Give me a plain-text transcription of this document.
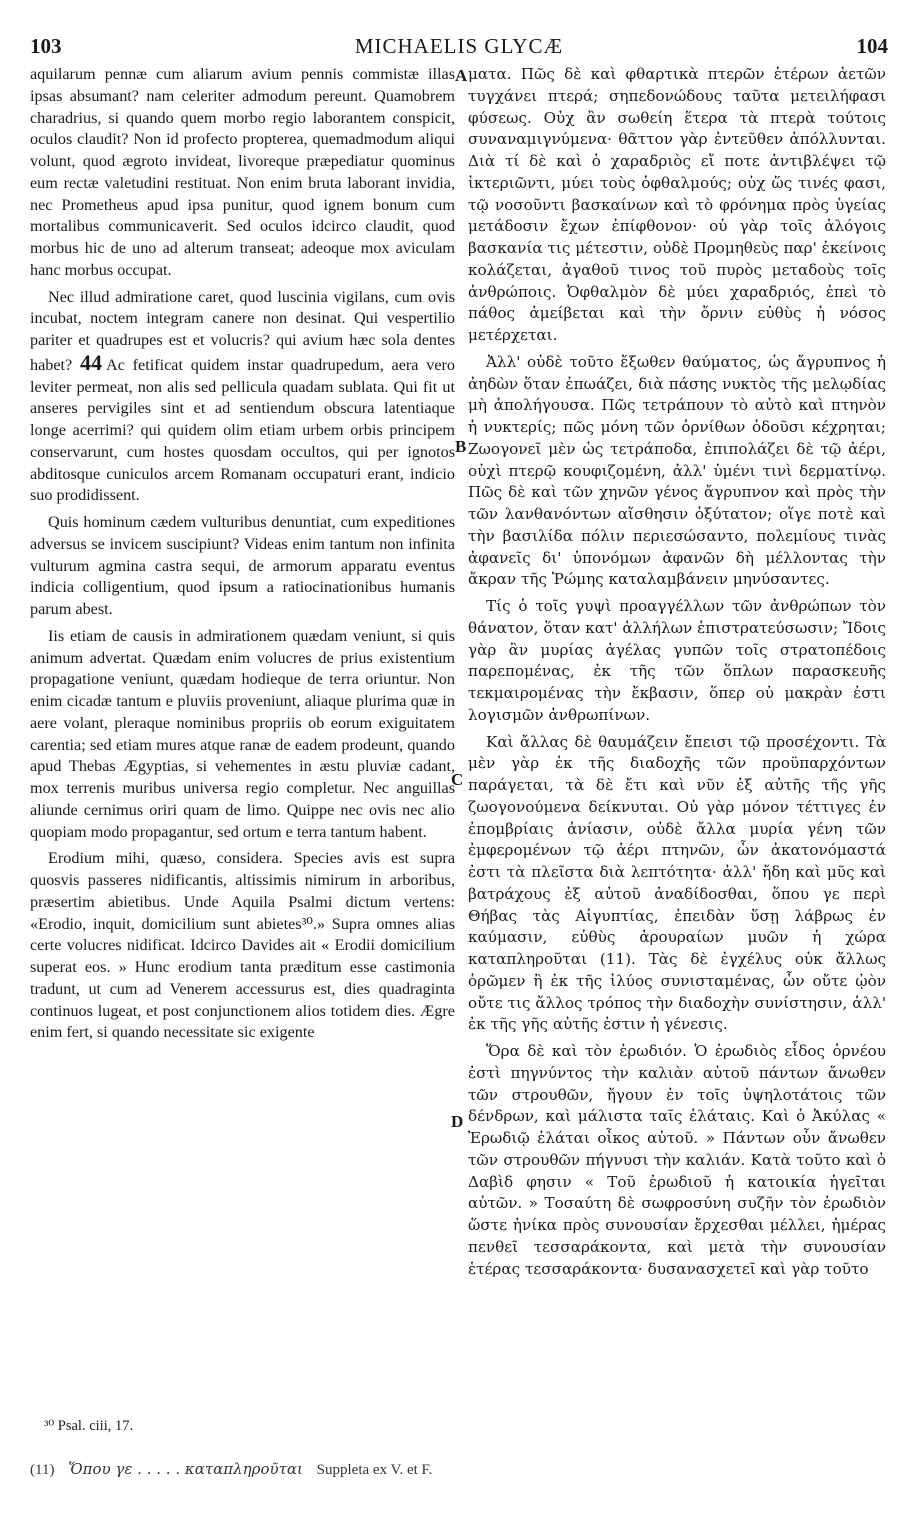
103	MICHAELIS GLYCÆ	104

aquilarum pennæ cum aliarum avium pennis commistæ illas ipsas absumant? nam celeriter admodum pereunt. Quamobrem charadrius, si quando quem morbo regio laborantem conspicit, oculos claudit? Non id profecto propterea, quemadmodum aliqui volunt, quod ægroto invideat, livoreque præpediatur quominus eum rectæ valetudini restituat. Non enim bruta laborant invidia, nec Prometheus apud ipsa punitur, quod ignem bonum cum mortalibus communicaverit. Sed oculos idcirco claudit, quod morbus hic de uno ad alterum transeat; adeoque mox aviculam hanc morbus occupat.

Nec illud admiratione caret, quod luscinia vigilans, cum ovis incubat, noctem integram canere non desinat. Qui vespertilio pariter et quadrupes est et volucris? qui avium hæc sola dentes habet? 44 Ac fetificat quidem instar quadrupedum, aera vero leviter permeat, non alis sed pellicula quadam sublata. Qui fit ut anseres pervigiles sint et ad sentiendum obscura latentiaque longe acerrimi? qui quidem olim etiam urbem orbis principem conservarunt, cum hostes quosdam occultos, qui per ignotos abditosque cuniculos arcem Romanam occupaturi erant, indicio suo prodidissent.

Quis hominum cædem vulturibus denuntiat, cum expeditiones adversus se invicem suscipiunt? Videas enim tantum non infinita vulturum agmina castra sequi, de armorum apparatu eventus indicia colligentium, quod ipsum a ratiocinationibus humanis parum abest.

Iis etiam de causis in admirationem quædam veniunt, si quis animum advertat. Quædam enim volucres de prius existentium propagatione veniunt, quædam hodieque de terra oriuntur. Non enim cicadæ tantum e pluviis proveniunt, aliaque plurima quæ in aere volant, pleraque nominibus propriis ob eorum exiguitatem carentia; sed etiam mures atque ranæ de eadem prodeunt, quando apud Thebas Ægyptias, si vehementes in æstu pluviæ cadant, mox terrenis muribus universa regio completur. Nec anguillas aliunde cernimus oriri quam de limo. Quippe nec ovis nec alio quopiam modo propagantur, sed ortum e terra tantum habent.

Erodium mihi, quæso, considera. Species avis est supra quosvis passeres nidificantis, altissimis nimirum in arboribus, præsertim abietibus. Unde Aquila Psalmi dictum vertens: «Erodio, inquit, domicilium sunt abietes³⁰.» Supra omnes alias certe volucres nidificat. Idcirco Davides ait « Erodii domicilium superat eos. » Hunc erodium tanta præditum esse castimonia tradunt, ut cum ad Venerem accessurus est, dies quadraginta continuos lugeat, et post conjunctionem alios totidem dies. Ægre enim fert, si quando necessitate sic exigente

A
B
C
D

ματα. Πῶς δὲ καὶ φθαρτικὰ πτερῶν ἑτέρων ἀετῶν τυγχάνει πτερά; σηπεδονώδους ταῦτα μετειλήφασι φύσεως. Οὐχ ἂν σωθείη ἕτερα τὰ πτερὰ τούτοις συναναμιγνύμενα· θᾶττον γὰρ ἐντεῦθεν ἀπόλλυνται. Διὰ τί δὲ καὶ ὁ χαραδριὸς εἴ ποτε ἀντιβλέψει τῷ ἰκτεριῶντι, μύει τοὺς ὀφθαλμούς; οὐχ ὥς τινές φασι, τῷ νοσοῦντι βασκαίνων καὶ τὸ φρόνημα πρὸς ὑγείας μετάδοσιν ἔχων ἐπίφθονον· οὐ γὰρ τοῖς ἀλόγοις βασκανία τις μέτεστιν, οὐδὲ Προμηθεὺς παρ' ἐκείνοις κολάζεται, ἀγαθοῦ τινος τοῦ πυρὸς μεταδοὺς τοῖς ἀνθρώποις. Ὀφθαλμὸν δὲ μύει χαραδριός, ἐπεὶ τὸ πάθος ἀμείβεται καὶ τὴν ὄρνιν εὐθὺς ἡ νόσος μετέρχεται.

Ἀλλ' οὐδὲ τοῦτο ἔξωθεν θαύματος, ὡς ἄγρυπνος ἡ ἀηδὼν ὅταν ἐπωάζει, διὰ πάσης νυκτὸς τῆς μελῳδίας μὴ ἀπολήγουσα. Πῶς τετράπουν τὸ αὐτὸ καὶ πτηνὸν ἡ νυκτερίς; πῶς μόνη τῶν ὀρνίθων ὀδοῦσι κέχρηται; Ζωογονεῖ μὲν ὡς τετράποδα, ἐπιπολάζει δὲ τῷ ἀέρι, οὐχὶ πτερῷ κουφιζομένη, ἀλλ' ὑμένι τινὶ δερματίνῳ. Πῶς δὲ καὶ τῶν χηνῶν γένος ἄγρυπνον καὶ πρὸς τὴν τῶν λανθανόντων αἴσθησιν ὀξύτατον; οἵγε ποτὲ καὶ τὴν βασιλίδα πόλιν περιεσώσαντο, πολεμίους τινὰς ἀφανεῖς δι' ὑπονόμων ἀφανῶν δὴ μέλλοντας τὴν ἄκραν τῆς Ῥώμης καταλαμβάνειν μηνύσαντες.

Τίς ὁ τοῖς γυψὶ προαγγέλλων τῶν ἀνθρώπων τὸν θάνατον, ὅταν κατ' ἀλλήλων ἐπιστρατεύσωσιν; Ἴδοις γὰρ ἂν μυρίας ἀγέλας γυπῶν τοῖς στρατοπέδοις παρεπομένας, ἐκ τῆς τῶν ὅπλων παρασκευῆς τεκμαιρομένας τὴν ἔκβασιν, ὅπερ οὐ μακρὰν ἐστι λογισμῶν ἀνθρωπίνων.

Καὶ ἄλλας δὲ θαυμάζειν ἔπεισι τῷ προσέχοντι. Τὰ μὲν γὰρ ἐκ τῆς διαδοχῆς τῶν προϋπαρχόντων παράγεται, τὰ δὲ ἔτι καὶ νῦν ἐξ αὐτῆς τῆς γῆς ζωογονούμενα δείκνυται. Οὐ γὰρ μόνον τέττιγες ἐν ἐπομβρίαις ἀνίασιν, οὐδὲ ἄλλα μυρία γένη τῶν ἐμφερομένων τῷ ἀέρι πτηνῶν, ὧν ἀκατονόμαστά ἐστι τὰ πλεῖστα διὰ λεπτότητα· ἀλλ' ἤδη καὶ μῦς καὶ βατράχους ἐξ αὐτοῦ ἀναδίδοσθαι, ὅπου γε περὶ Θήβας τὰς Αἰγυπτίας, ἐπειδὰν ὕσῃ λάβρως ἐν καύμασιν, εὐθὺς ἀρουραίων μυῶν ἡ χώρα καταπληροῦται (11). Τὰς δὲ ἐγχέλυς οὐκ ἄλλως ὁρῶμεν ἢ ἐκ τῆς ἰλύος συνισταμένας, ὧν οὔτε ᾠὸν οὔτε τις ἄλλος τρόπος τὴν διαδοχὴν συνίστησιν, ἀλλ' ἐκ τῆς γῆς αὐτῆς ἐστιν ἡ γένεσις.

Ὅρα δὲ καὶ τὸν ἐρωδιόν. Ὁ ἐρωδιὸς εἶδος ὀρνέου ἐστὶ πηγνύντος τὴν καλιὰν αὐτοῦ πάντων ἄνωθεν τῶν στρουθῶν, ἤγουν ἐν τοῖς ὑψηλοτάτοις τῶν δένδρων, καὶ μάλιστα ταῖς ἐλάταις. Καὶ ὁ Ἀκύλας « Ἐρωδιῷ ἐλάται οἶκος αὐτοῦ. » Πάντων οὖν ἄνωθεν τῶν στρουθῶν πήγνυσι τὴν καλιάν. Κατὰ τοῦτο καὶ ὁ Δαβὶδ φησιν « Τοῦ ἐρωδιοῦ ἡ κατοικία ἡγεῖται αὐτῶν. » Τοσαύτη δὲ σωφροσύνη συζῆν τὸν ἐρωδιὸν ὥστε ἡνίκα πρὸς συνουσίαν ἔρχεσθαι μέλλει, ἡμέρας πενθεῖ τεσσαράκοντα, καὶ μετὰ τὴν συνουσίαν ἑτέρας τεσσαράκοντα· δυσανασχετεῖ καὶ γὰρ τοῦτο

³⁰ Psal. ciii, 17.
(11) Ὅπου γε . . . . . καταπληροῦται Suppleta ex V. et F.
